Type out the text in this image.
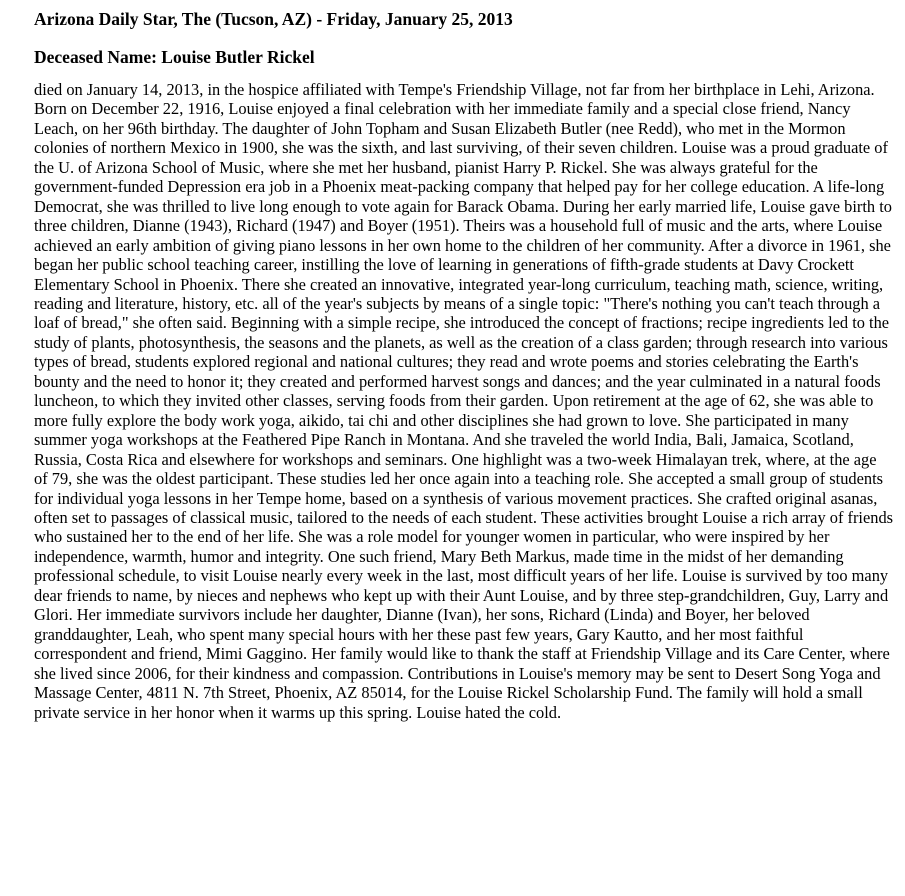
Arizona Daily Star, The (Tucson, AZ) - Friday, January 25, 2013

Deceased Name: Louise Butler Rickel

died on January 14, 2013, in the hospice affiliated with Tempe's Friendship Village, not far from her birthplace in Lehi, Arizona. Born on December 22, 1916, Louise enjoyed a final celebration with her immediate family and a special close friend, Nancy Leach, on her 96th birthday. The daughter of John Topham and Susan Elizabeth Butler (nee Redd), who met in the Mormon colonies of northern Mexico in 1900, she was the sixth, and last surviving, of their seven children. Louise was a proud graduate of the U. of Arizona School of Music, where she met her husband, pianist Harry P. Rickel. She was always grateful for the government-funded Depression era job in a Phoenix meat-packing company that helped pay for her college education. A life-long Democrat, she was thrilled to live long enough to vote again for Barack Obama. During her early married life, Louise gave birth to three children, Dianne (1943), Richard (1947) and Boyer (1951). Theirs was a household full of music and the arts, where Louise achieved an early ambition of giving piano lessons in her own home to the children of her community. After a divorce in 1961, she began her public school teaching career, instilling the love of learning in generations of fifth-grade students at Davy Crockett Elementary School in Phoenix. There she created an innovative, integrated year-long curriculum, teaching math, science, writing, reading and literature, history, etc. all of the year's subjects by means of a single topic: "There's nothing you can't teach through a loaf of bread," she often said. Beginning with a simple recipe, she introduced the concept of fractions; recipe ingredients led to the study of plants, photosynthesis, the seasons and the planets, as well as the creation of a class garden; through research into various types of bread, students explored regional and national cultures; they read and wrote poems and stories celebrating the Earth's bounty and the need to honor it; they created and performed harvest songs and dances; and the year culminated in a natural foods luncheon, to which they invited other classes, serving foods from their garden. Upon retirement at the age of 62, she was able to more fully explore the body work yoga, aikido, tai chi and other disciplines she had grown to love. She participated in many summer yoga workshops at the Feathered Pipe Ranch in Montana. And she traveled the world India, Bali, Jamaica, Scotland, Russia, Costa Rica and elsewhere for workshops and seminars. One highlight was a two-week Himalayan trek, where, at the age of 79, she was the oldest participant. These studies led her once again into a teaching role. She accepted a small group of students for individual yoga lessons in her Tempe home, based on a synthesis of various movement practices. She crafted original asanas, often set to passages of classical music, tailored to the needs of each student. These activities brought Louise a rich array of friends who sustained her to the end of her life. She was a role model for younger women in particular, who were inspired by her independence, warmth, humor and integrity. One such friend, Mary Beth Markus, made time in the midst of her demanding professional schedule, to visit Louise nearly every week in the last, most difficult years of her life. Louise is survived by too many dear friends to name, by nieces and nephews who kept up with their Aunt Louise, and by three step-grandchildren, Guy, Larry and Glori. Her immediate survivors include her daughter, Dianne (Ivan), her sons, Richard (Linda) and Boyer, her beloved granddaughter, Leah, who spent many special hours with her these past few years, Gary Kautto, and her most faithful correspondent and friend, Mimi Gaggino. Her family would like to thank the staff at Friendship Village and its Care Center, where she lived since 2006, for their kindness and compassion. Contributions in Louise's memory may be sent to Desert Song Yoga and Massage Center, 4811 N. 7th Street, Phoenix, AZ 85014, for the Louise Rickel Scholarship Fund. The family will hold a small private service in her honor when it warms up this spring. Louise hated the cold.
